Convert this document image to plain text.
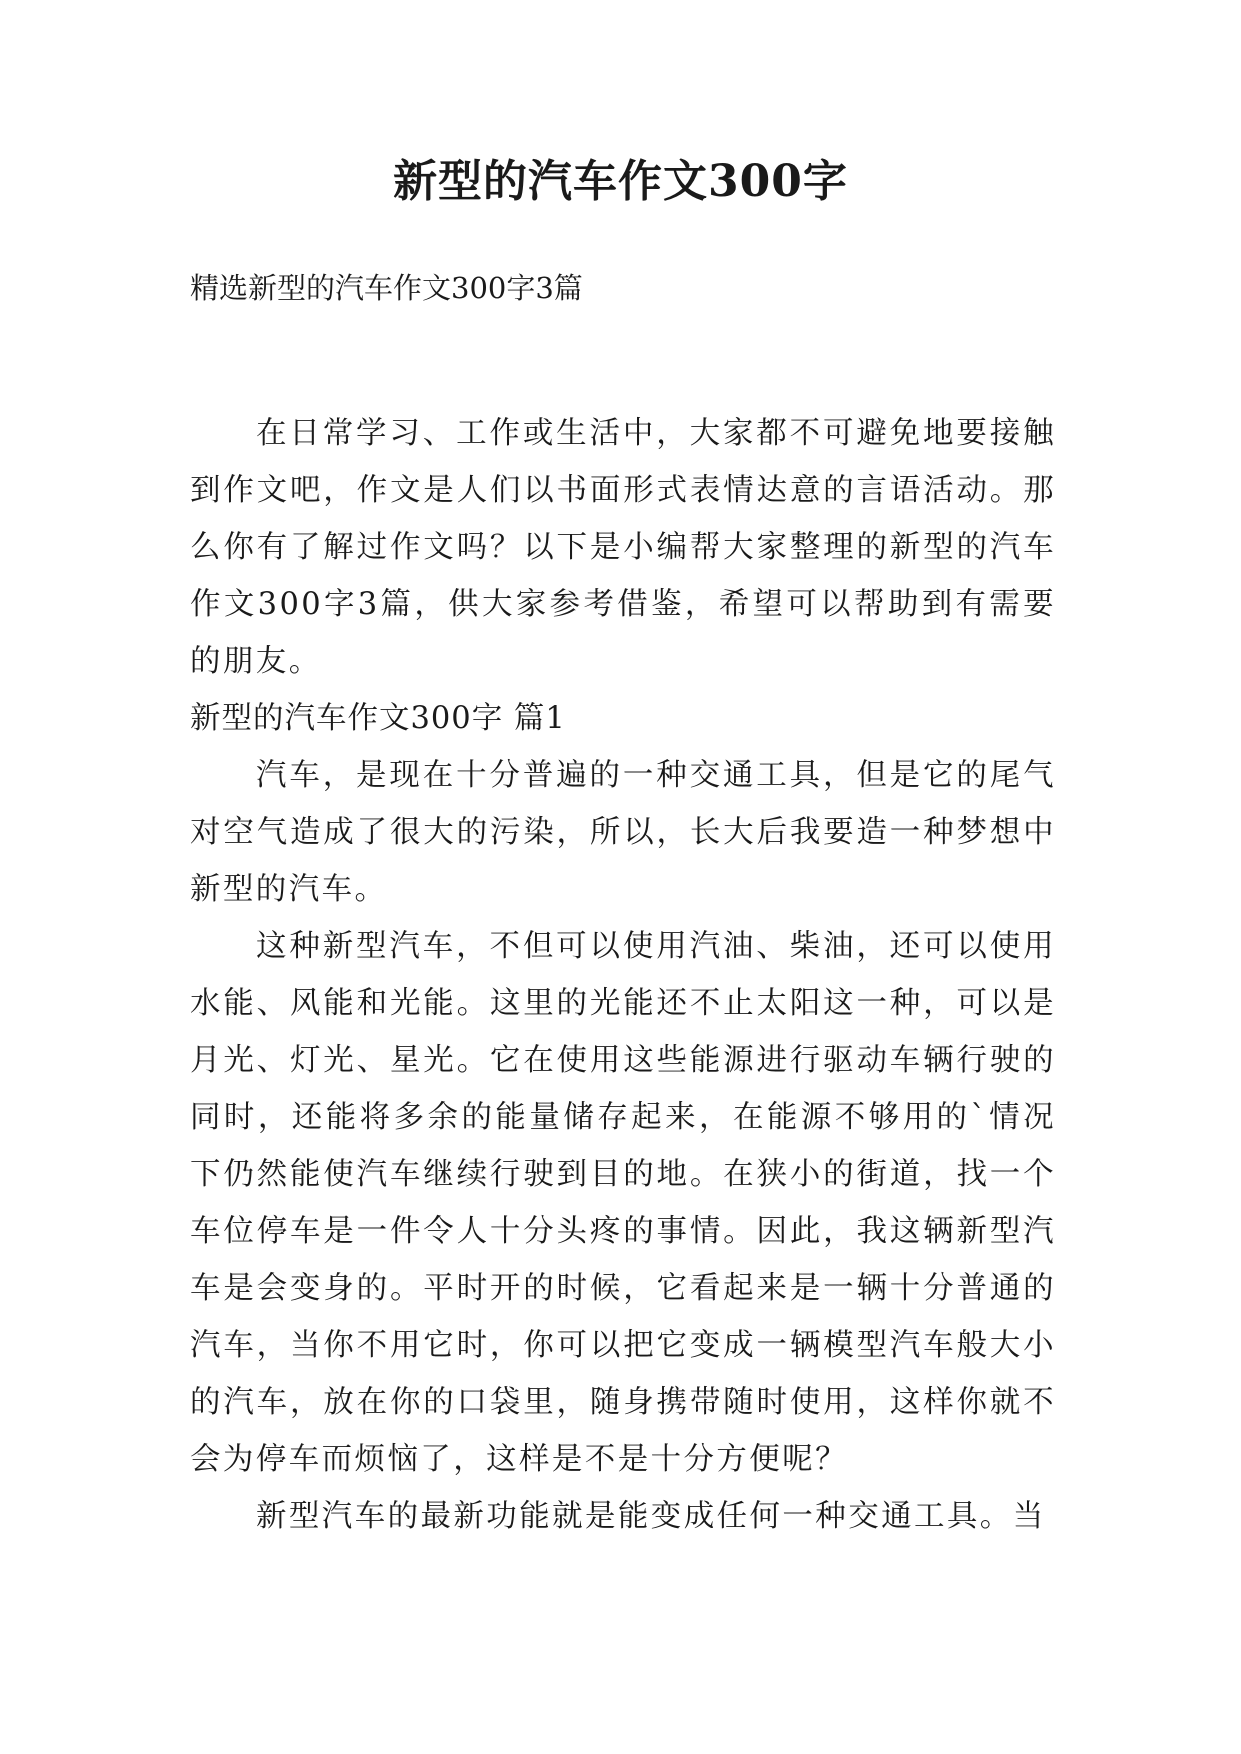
新型的汽车作文300字

精选新型的汽车作文300字3篇

在日常学习、工作或生活中，大家都不可避免地要接触到作文吧，作文是人们以书面形式表情达意的言语活动。那么你有了解过作文吗？以下是小编帮大家整理的新型的汽车作文300字3篇，供大家参考借鉴，希望可以帮助到有需要的朋友。

新型的汽车作文300字 篇1

汽车，是现在十分普遍的一种交通工具，但是它的尾气对空气造成了很大的污染，所以，长大后我要造一种梦想中新型的汽车。

这种新型汽车，不但可以使用汽油、柴油，还可以使用水能、风能和光能。这里的光能还不止太阳这一种，可以是月光、灯光、星光。它在使用这些能源进行驱动车辆行驶的同时，还能将多余的能量储存起来，在能源不够用的`情况下仍然能使汽车继续行驶到目的地。在狭小的街道，找一个车位停车是一件令人十分头疼的事情。因此，我这辆新型汽车是会变身的。平时开的时候，它看起来是一辆十分普通的汽车，当你不用它时，你可以把它变成一辆模型汽车般大小的汽车，放在你的口袋里，随身携带随时使用，这样你就不会为停车而烦恼了，这样是不是十分方便呢？

新型汽车的最新功能就是能变成任何一种交通工具。当
